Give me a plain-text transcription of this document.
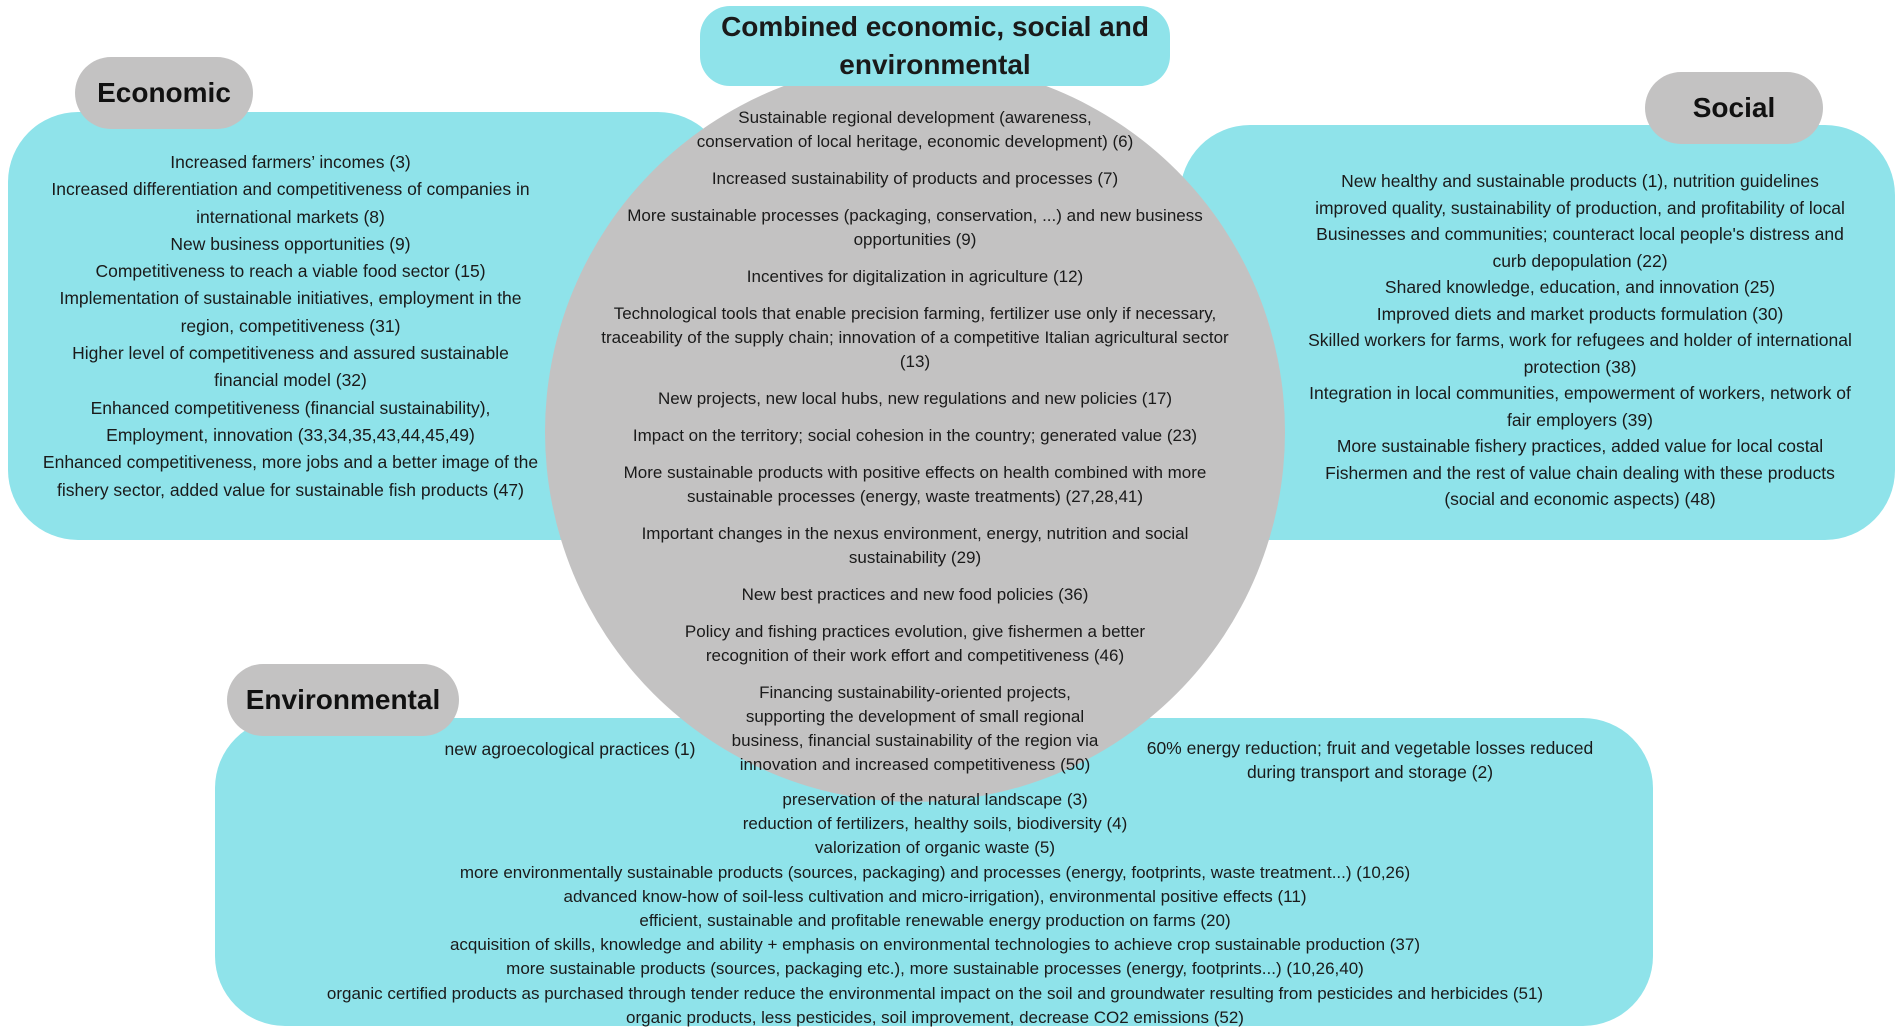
Combined economic, social and
environmental
Sustainable regional development (awareness,
conservation of local heritage, economic development) (6)
Increased sustainability of products and processes (7)
More sustainable processes (packaging, conservation, ...) and new business
opportunities (9)
Incentives for digitalization in agriculture (12)
Technological tools that enable precision farming, fertilizer use only if necessary,
traceability of the supply chain; innovation of a competitive Italian agricultural sector
(13)
New projects, new local hubs, new regulations and new policies (17)
Impact on the territory; social cohesion in the country; generated value (23)
More sustainable products with positive effects on health combined with more
sustainable processes (energy, waste treatments) (27,28,41)
Important changes in the nexus environment, energy, nutrition and social
sustainability (29)
New best practices and new food policies (36)
Policy and fishing practices evolution, give fishermen a better
recognition of their work effort and competitiveness (46)
Financing sustainability-oriented projects,
supporting the development of small regional
business, financial sustainability of the region via
innovation and increased competitiveness (50)
Economic
Increased farmers’ incomes (3)
Increased differentiation and competitiveness of companies in
international markets (8)
New business opportunities (9)
Competitiveness to reach a viable food sector (15)
Implementation of sustainable initiatives, employment in the
region, competitiveness (31)
Higher level of competitiveness and assured sustainable
financial model (32)
Enhanced competitiveness (financial sustainability),
Employment, innovation (33,34,35,43,44,45,49)
Enhanced competitiveness, more jobs and a better image of the
fishery sector, added value for sustainable fish products (47)
Social
New healthy and sustainable products (1), nutrition guidelines
improved quality, sustainability of production, and profitability of local
Businesses and communities; counteract local people's distress and
curb depopulation (22)
Shared knowledge, education, and innovation (25)
Improved diets and market products formulation (30)
Skilled workers for farms, work for refugees and holder of international
protection (38)
Integration in local communities, empowerment of workers, network of
fair employers (39)
More sustainable fishery practices, added value for local costal
Fishermen and the rest of value chain dealing with these products
(social and economic aspects) (48)
Environmental
new agroecological practices (1)	60% energy reduction; fruit and vegetable losses reduced
during transport and storage (2)
preservation of the natural landscape (3)
reduction of fertilizers, healthy soils, biodiversity (4)
valorization of organic waste (5)
more environmentally sustainable products (sources, packaging) and processes (energy, footprints, waste treatment...) (10,26)
advanced know-how of soil-less cultivation and micro-irrigation), environmental positive effects (11)
efficient, sustainable and profitable renewable energy production on farms (20)
acquisition of skills, knowledge and ability + emphasis on environmental technologies to achieve crop sustainable production (37)
more sustainable products (sources, packaging etc.), more sustainable processes (energy, footprints...) (10,26,40)
organic certified products as purchased through tender reduce the environmental impact on the soil and groundwater resulting from pesticides and herbicides (51)
organic products, less pesticides, soil improvement, decrease CO2 emissions (52)
